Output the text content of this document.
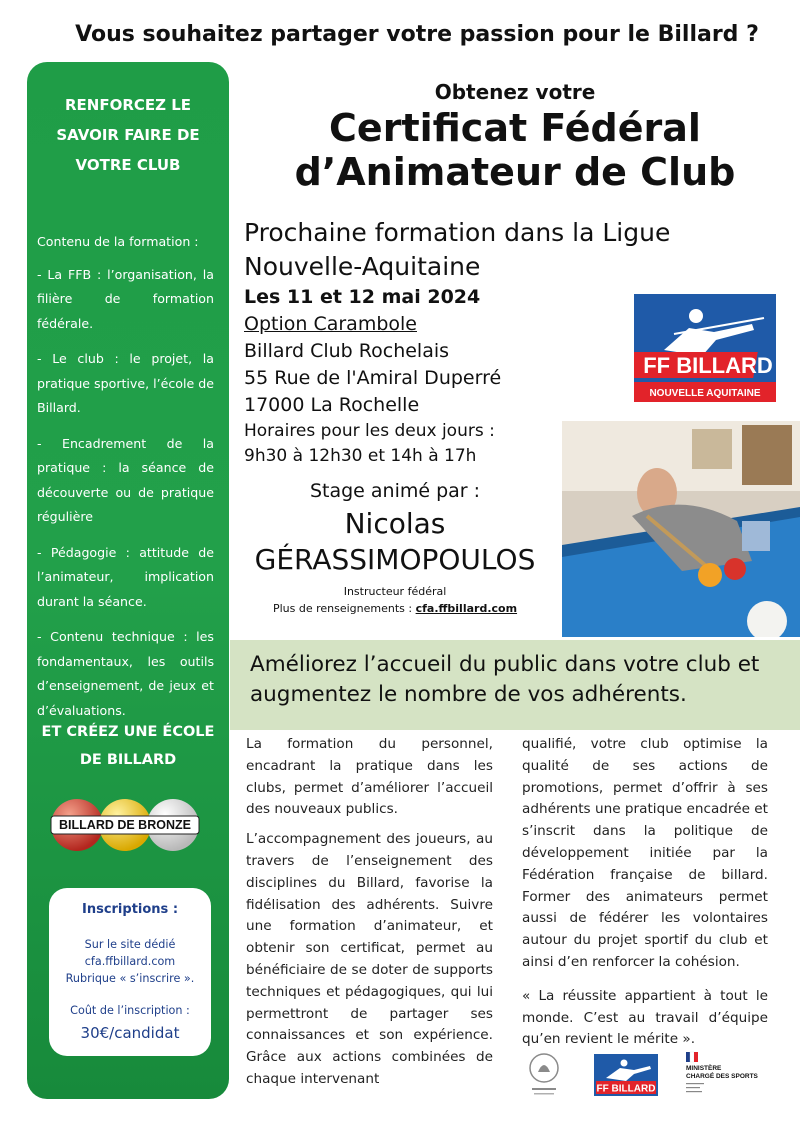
Vous souhaitez partager votre passion pour le Billard ?
RENFORCEZ LE SAVOIR FAIRE DE VOTRE CLUB

Contenu de la formation :

- La FFB : l’organisation, la filière de formation fédérale.

- Le club : le projet, la pratique sportive, l’école de Billard.

- Encadrement de la pratique : la séance de découverte ou de pratique régulière

- Pédagogie : attitude de l’animateur, implication durant la séance.

- Contenu technique : les fondamentaux, les outils d’enseignement, de jeux et d’évaluations.

ET CRÉEZ UNE ÉCOLE DE BILLARD
BILLARD DE BRONZE
Inscriptions :
Sur le site dédié
cfa.ffbillard.com
Rubrique « s’inscrire ».
Coût de l’inscription :
30€/candidat
Obtenez votre
Certificat Fédéral
d’Animateur de Club
Prochaine formation dans la Ligue
Nouvelle-Aquitaine
Les 11 et 12 mai 2024
Option Carambole
Billard Club Rochelais
55 Rue de l'Amiral Duperré
17000 La Rochelle
Horaires pour les deux jours :
9h30 à 12h30 et 14h à 17h
Stage animé par :
Nicolas
GÉRASSIMOPOULOS
Instructeur fédéral
Plus de renseignements : cfa.ffbillard.com
FF BILLARD
NOUVELLE AQUITAINE
Améliorez l’accueil du public dans votre club et augmentez le nombre de vos adhérents.

La formation du personnel, encadrant la pratique dans les clubs, permet d’améliorer l’accueil des nouveaux publics.

L’accompagnement des joueurs, au travers de l’enseignement des disciplines du Billard, favorise la fidélisation des adhérents. Suivre une formation d’animateur, et obtenir son certificat, permet au bénéficiaire de se doter de supports techniques et pédagogiques, qui lui permettront de partager ses connaissances et son expérience. Grâce aux actions combinées de chaque intervenant

qualifié, votre club optimise la qualité de ses actions de promotions, permet d’offrir à ses adhérents une pratique encadrée et s’inscrit dans la politique de développement initiée par la Fédération française de billard. Former des animateurs permet aussi de fédérer les volontaires autour du projet sportif du club et ainsi d’en renforcer la cohésion.

« La réussite appartient à tout le monde. C’est au travail d’équipe qu’en revient le mérite ».

FF BILLARD
MINISTÈRE
CHARGÉ DES SPORTS
